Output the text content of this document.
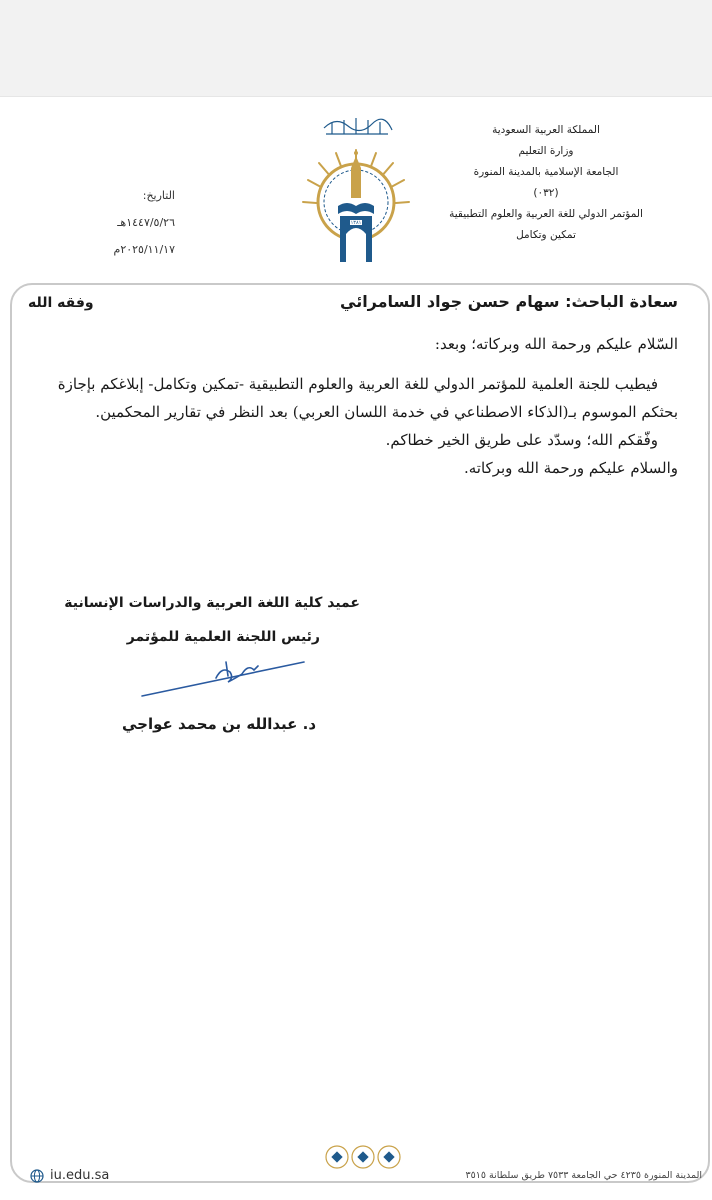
المملكة العربية السعودية
وزارة التعليم
الجامعة الإسلامية بالمدينة المنورة
(٠٣٢)
المؤتمر الدولي للغة العربية والعلوم التطبيقية
تمكين وتكامل
التاريخ:
١٤٤٧/٥/٢٦هـ
٢٠٢٥/١١/١٧م
١٣٨١
سعادة الباحث: سهام حسن جواد السامرائي
وفقه الله
السّلام عليكم ورحمة الله وبركاته؛ وبعد:
فيطيب للجنة العلمية للمؤتمر الدولي للغة العربية والعلوم التطبيقية -تمكين وتكامل- إبلاغكم بإجازة
بحثكم الموسوم بـ(الذكاء الاصطناعي في خدمة اللسان العربي) بعد النظر في تقارير المحكمين.
وفّقكم الله؛ وسدّد على طريق الخير خطاكم.
والسلام عليكم ورحمة الله وبركاته.
عميد كلية اللغة العربية والدراسات الإنسانية
رئيس اللجنة العلمية للمؤتمر
د. عبدالله بن محمد عواجي
iu.edu.sa	المدينة المنورة ٤٢٣٥ حي الجامعة ٧٥٣٣ طريق سلطانة ٣٥١٥
